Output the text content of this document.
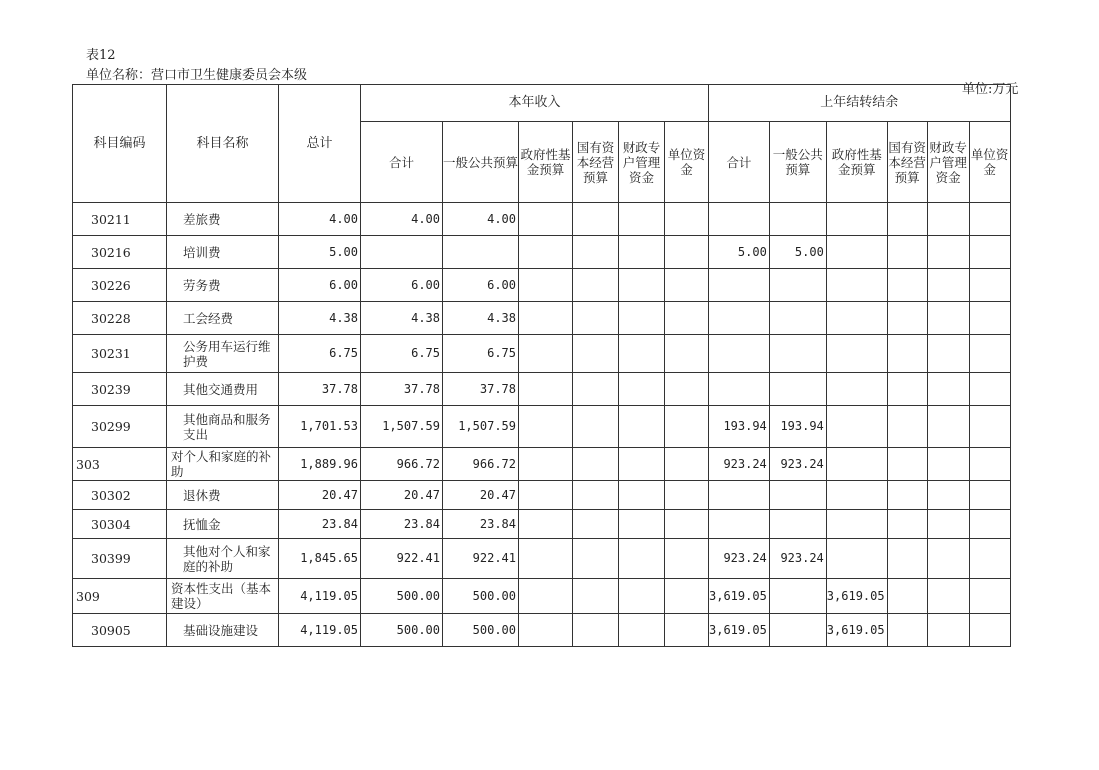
表12
单位名称：营口市卫生健康委员会本级
单位:万元
科目编码	科目名称	总计	本年收入						上年结转结余					
			合计	一般公共预算	政府性基金预算	国有资本经营预算	财政专户管理资金	单位资金	合计	一般公共预算	政府性基金预算	国有资本经营预算	财政专户管理资金	单位资金
30211	差旅费	4.00	4.00	4.00										
30216	培训费	5.00							5.00	5.00				
30226	劳务费	6.00	6.00	6.00										
30228	工会经费	4.38	4.38	4.38										
30231	公务用车运行维护费	6.75	6.75	6.75										
30239	其他交通费用	37.78	37.78	37.78										
30299	其他商品和服务支出	1,701.53	1,507.59	1,507.59					193.94	193.94				
303	对个人和家庭的补助	1,889.96	966.72	966.72					923.24	923.24				
30302	退休费	20.47	20.47	20.47										
30304	抚恤金	23.84	23.84	23.84										
30399	其他对个人和家庭的补助	1,845.65	922.41	922.41					923.24	923.24				
309	资本性支出（基本建设）	4,119.05	500.00	500.00					3,619.05		3,619.05			
30905	基础设施建设	4,119.05	500.00	500.00					3,619.05		3,619.05			
